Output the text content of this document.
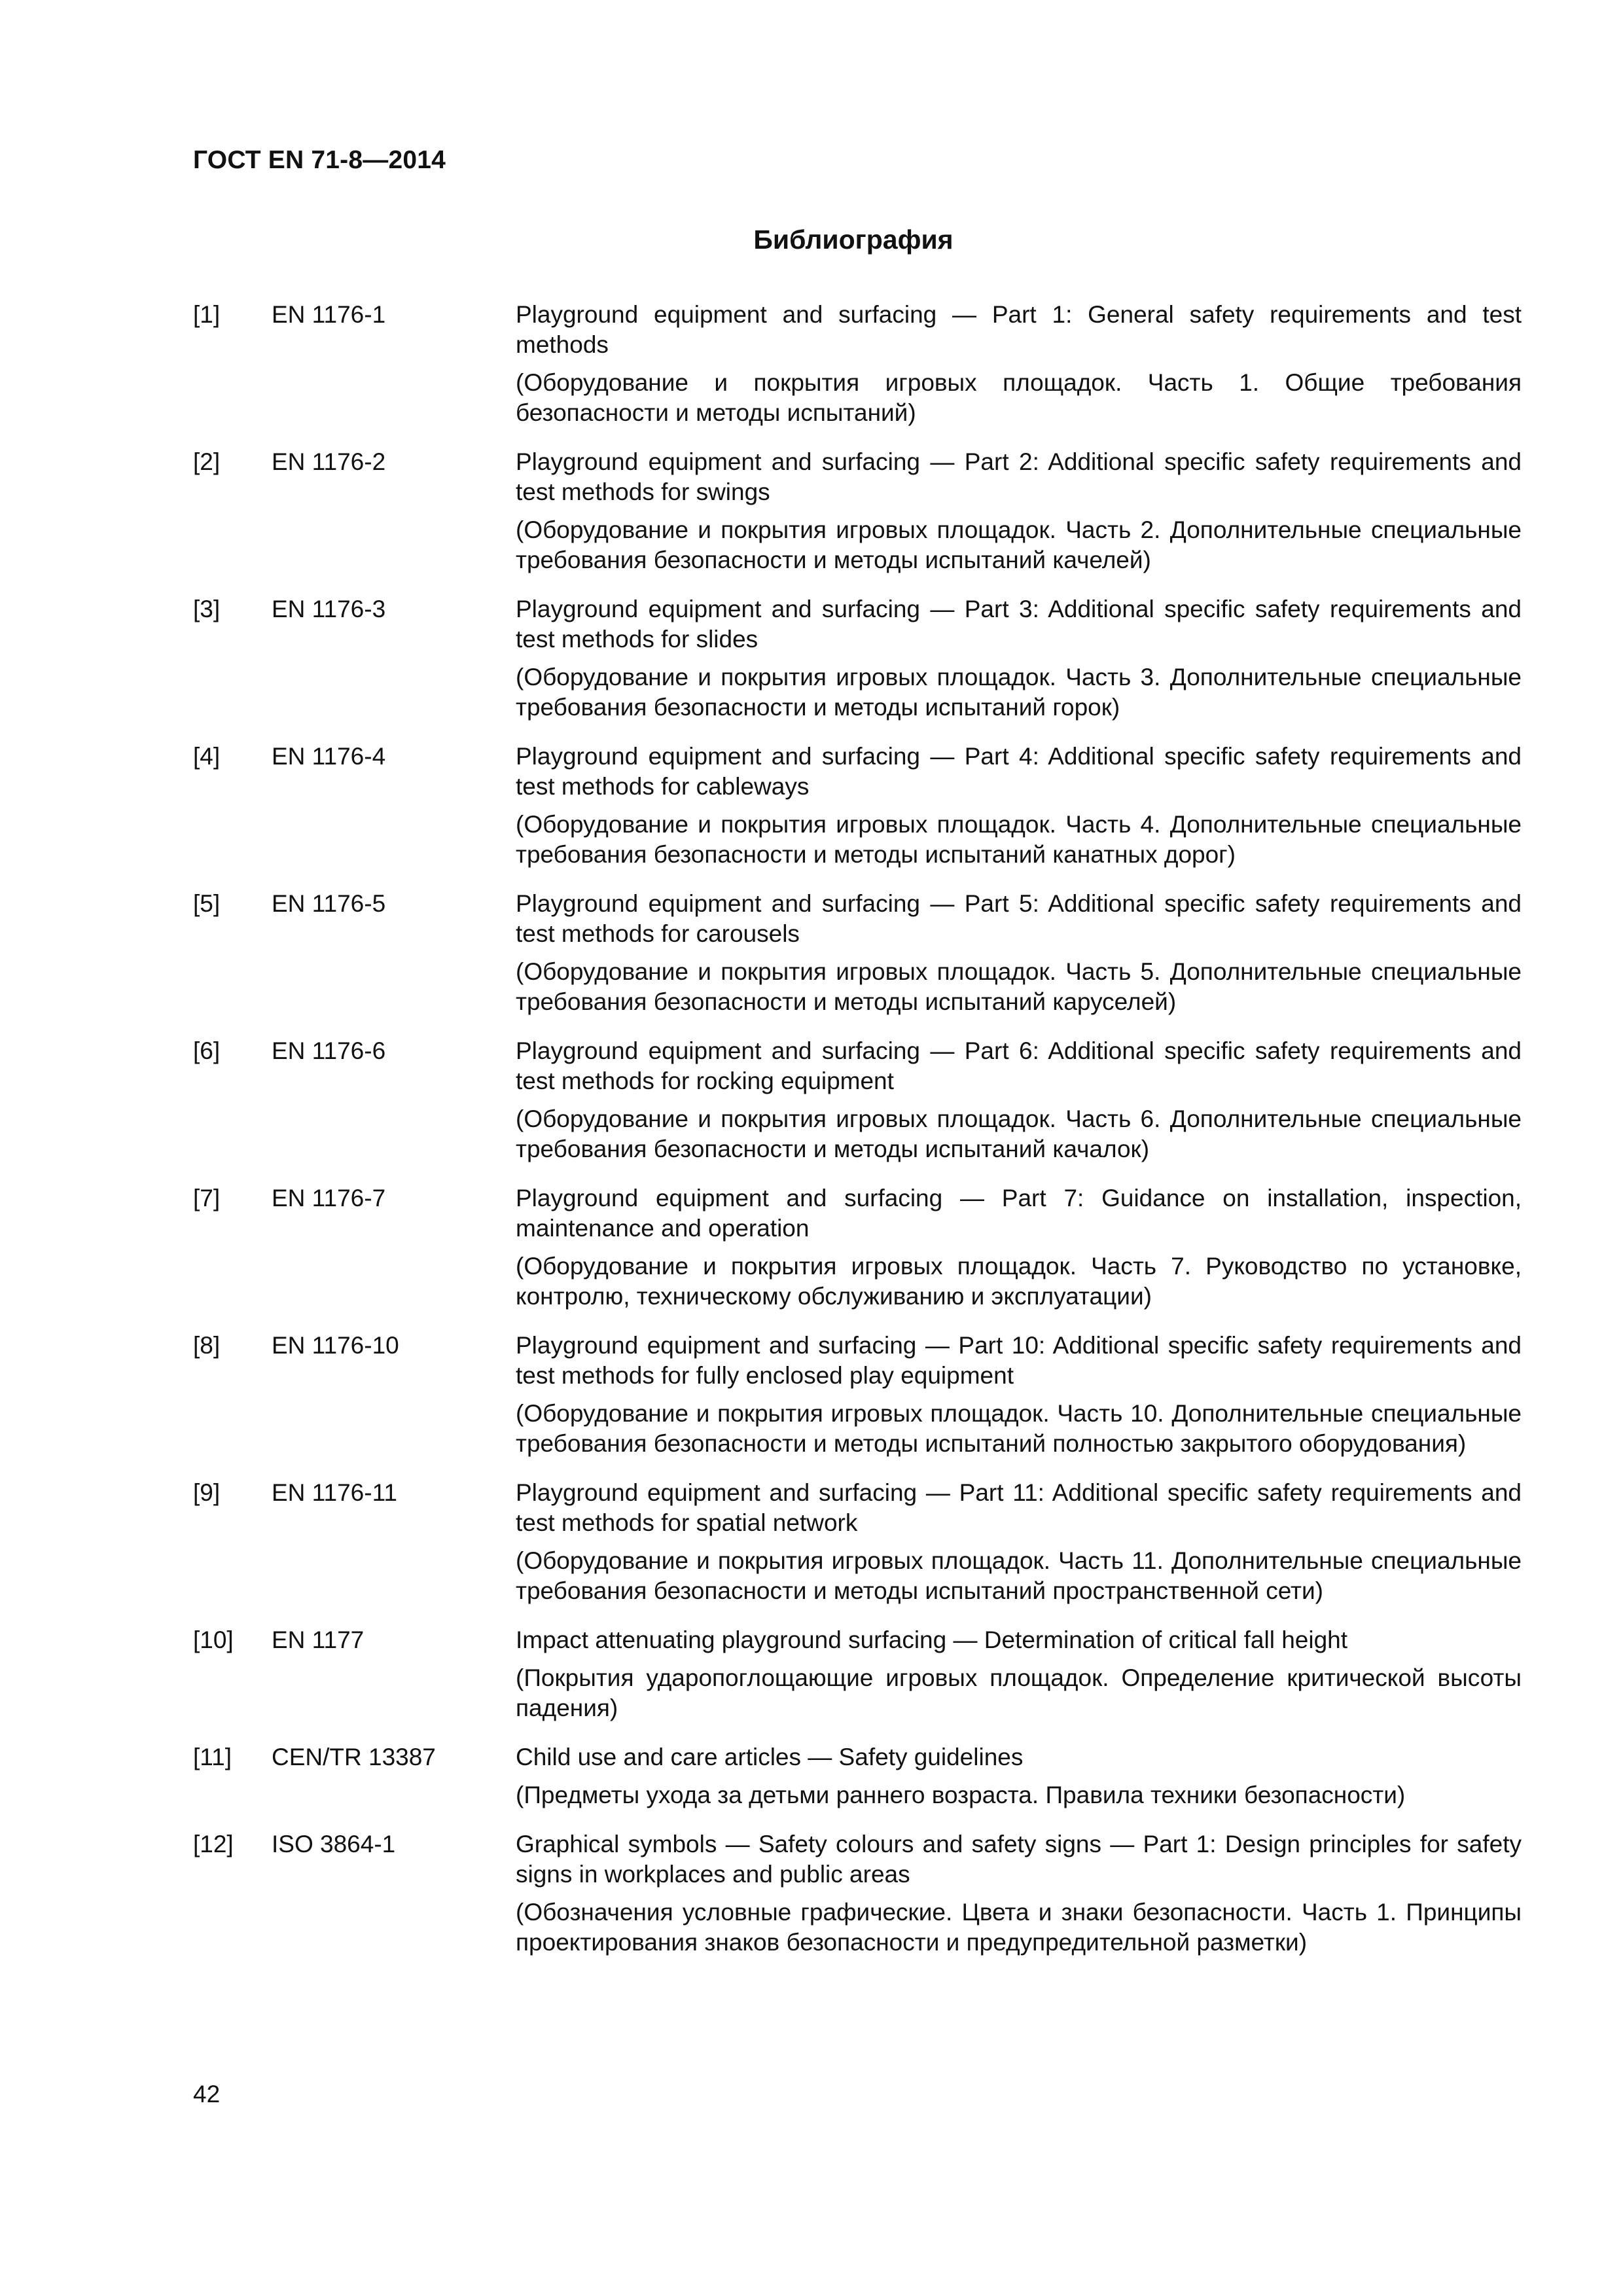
ГОСТ EN 71-8—2014
Библиография
[1]	EN 1176-1	Playground equipment and surfacing — Part 1: General safety requirements and test methods

(Оборудование и покрытия игровых площадок. Часть 1. Общие требования безопасности и методы испытаний)

[2]	EN 1176-2	Playground equipment and surfacing — Part 2: Additional specific safety requirements and test methods for swings

(Оборудование и покрытия игровых площадок. Часть 2. Дополнительные специальные требования безопасности и методы испытаний качелей)

[3]	EN 1176-3	Playground equipment and surfacing — Part 3: Additional specific safety requirements and test methods for slides

(Оборудование и покрытия игровых площадок. Часть 3. Дополнительные специальные требования безопасности и методы испытаний горок)

[4]	EN 1176-4	Playground equipment and surfacing — Part 4: Additional specific safety requirements and test methods for cableways

(Оборудование и покрытия игровых площадок. Часть 4. Дополнительные специальные требования безопасности и методы испытаний канатных дорог)

[5]	EN 1176-5	Playground equipment and surfacing — Part 5: Additional specific safety requirements and test methods for carousels

(Оборудование и покрытия игровых площадок. Часть 5. Дополнительные специальные требования безопасности и методы испытаний каруселей)

[6]	EN 1176-6	Playground equipment and surfacing — Part 6: Additional specific safety requirements and test methods for rocking equipment

(Оборудование и покрытия игровых площадок. Часть 6. Дополнительные специальные требования безопасности и методы испытаний качалок)

[7]	EN 1176-7	Playground equipment and surfacing — Part 7: Guidance on installation, inspection, maintenance and operation

(Оборудование и покрытия игровых площадок. Часть 7. Руководство по установке, контролю, техническому обслуживанию и эксплуатации)

[8]	EN 1176-10	Playground equipment and surfacing — Part 10: Additional specific safety requirements and test methods for fully enclosed play equipment

(Оборудование и покрытия игровых площадок. Часть 10. Дополнительные специальные требования безопасности и методы испытаний полностью закрытого оборудования)

[9]	EN 1176-11	Playground equipment and surfacing — Part 11: Additional specific safety requirements and test methods for spatial network

(Оборудование и покрытия игровых площадок. Часть 11. Дополнительные специальные требования безопасности и методы испытаний пространственной сети)

[10]	EN 1177	Impact attenuating playground surfacing — Determination of critical fall height

(Покрытия ударопоглощающие игровых площадок. Определение критической высоты падения)

[11]	CEN/TR 13387	Child use and care articles — Safety guidelines

(Предметы ухода за детьми раннего возраста. Правила техники безопасности)

[12]	ISO 3864-1	Graphical symbols — Safety colours and safety signs — Part 1: Design principles for safety signs in workplaces and public areas

(Обозначения условные графические. Цвета и знаки безопасности. Часть 1. Принципы проектирования знаков безопасности и предупредительной разметки)

42
